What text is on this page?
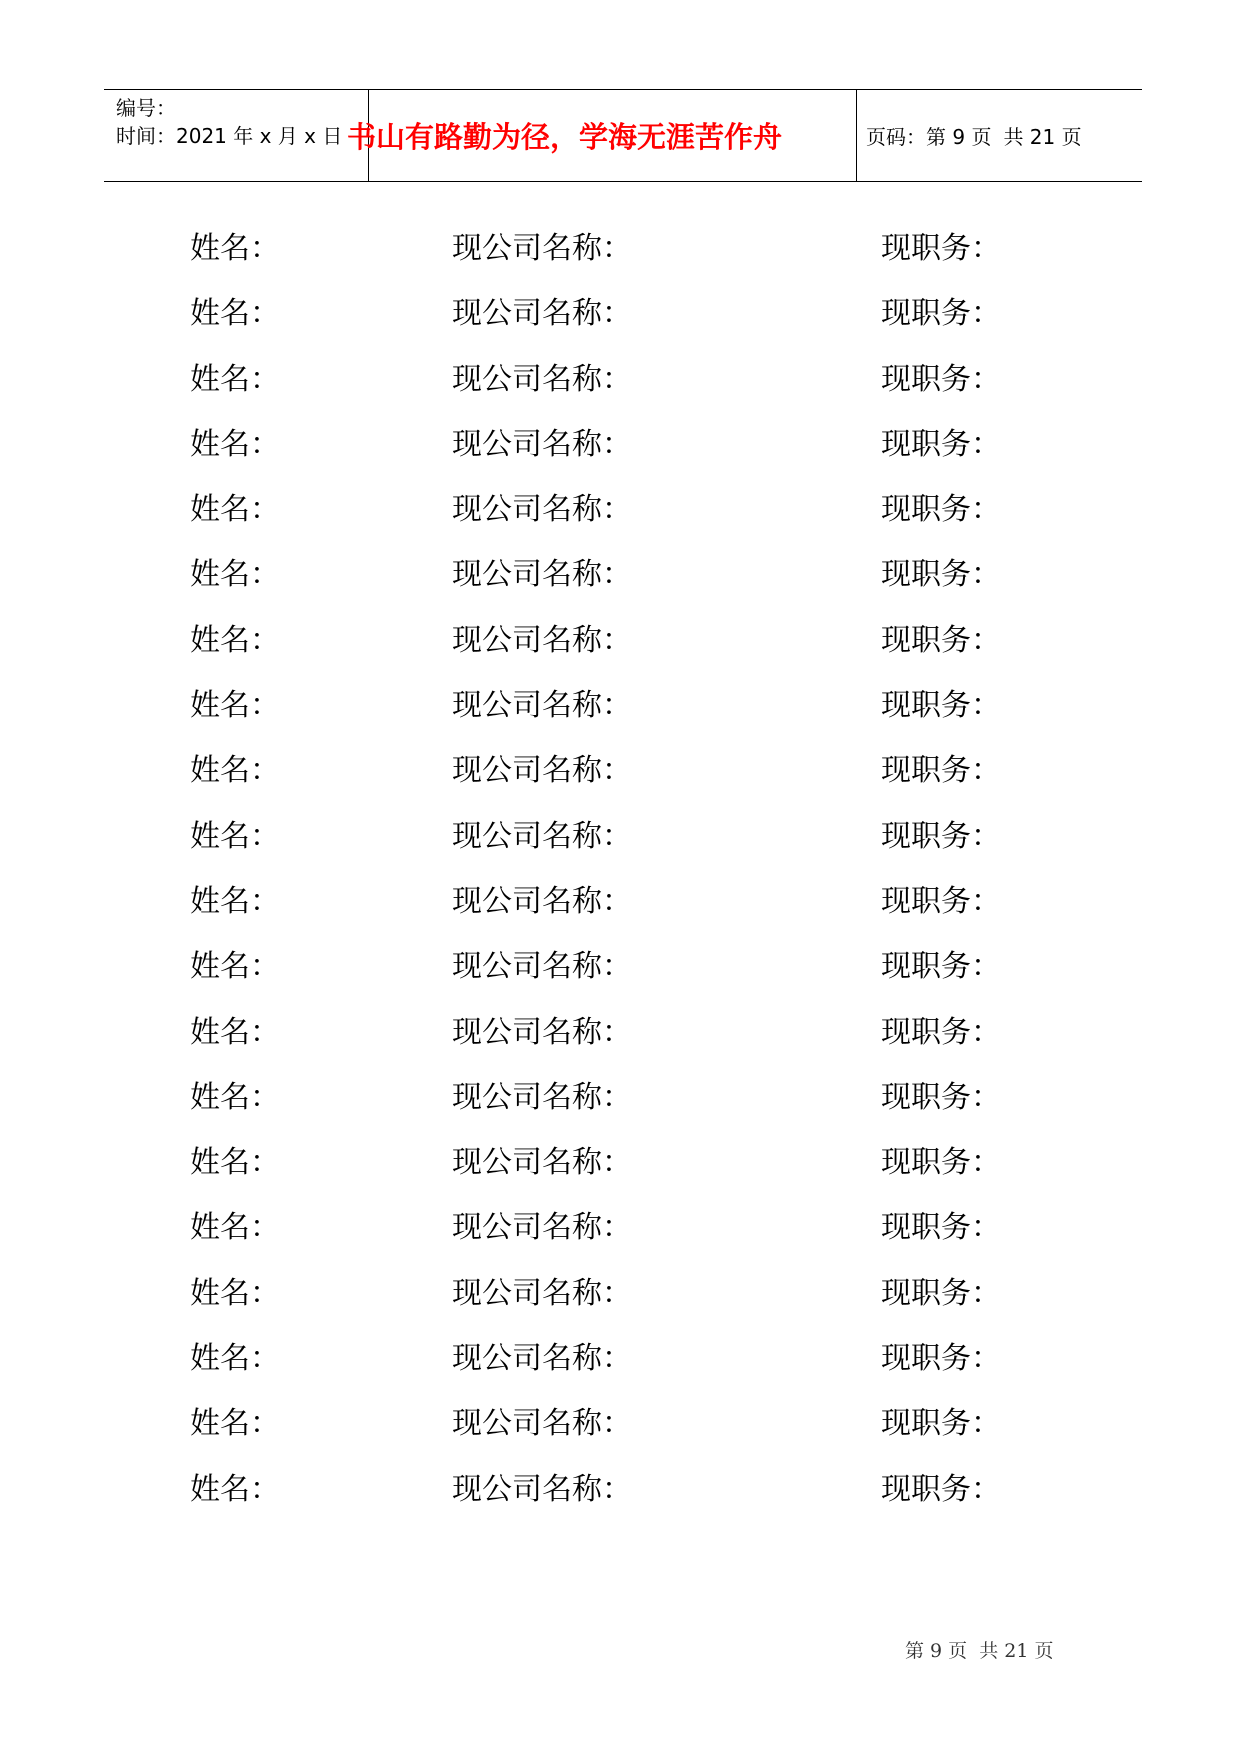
编号：
时间：2021 年 x 月 x 日 书山有路勤为径，学海无涯苦作舟	页码：第 9 页 共 21 页
姓名：	现公司名称：	现职务：
姓名：	现公司名称：	现职务：
姓名：	现公司名称：	现职务：
姓名：	现公司名称：	现职务：
姓名：	现公司名称：	现职务：
姓名：	现公司名称：	现职务：
姓名：	现公司名称：	现职务：
姓名：	现公司名称：	现职务：
姓名：	现公司名称：	现职务：
姓名：	现公司名称：	现职务：
姓名：	现公司名称：	现职务：
姓名：	现公司名称：	现职务：
姓名：	现公司名称：	现职务：
姓名：	现公司名称：	现职务：
姓名：	现公司名称：	现职务：
姓名：	现公司名称：	现职务：
姓名：	现公司名称：	现职务：
姓名：	现公司名称：	现职务：
姓名：	现公司名称：	现职务：
姓名：	现公司名称：	现职务：
第 9 页 共 21 页
